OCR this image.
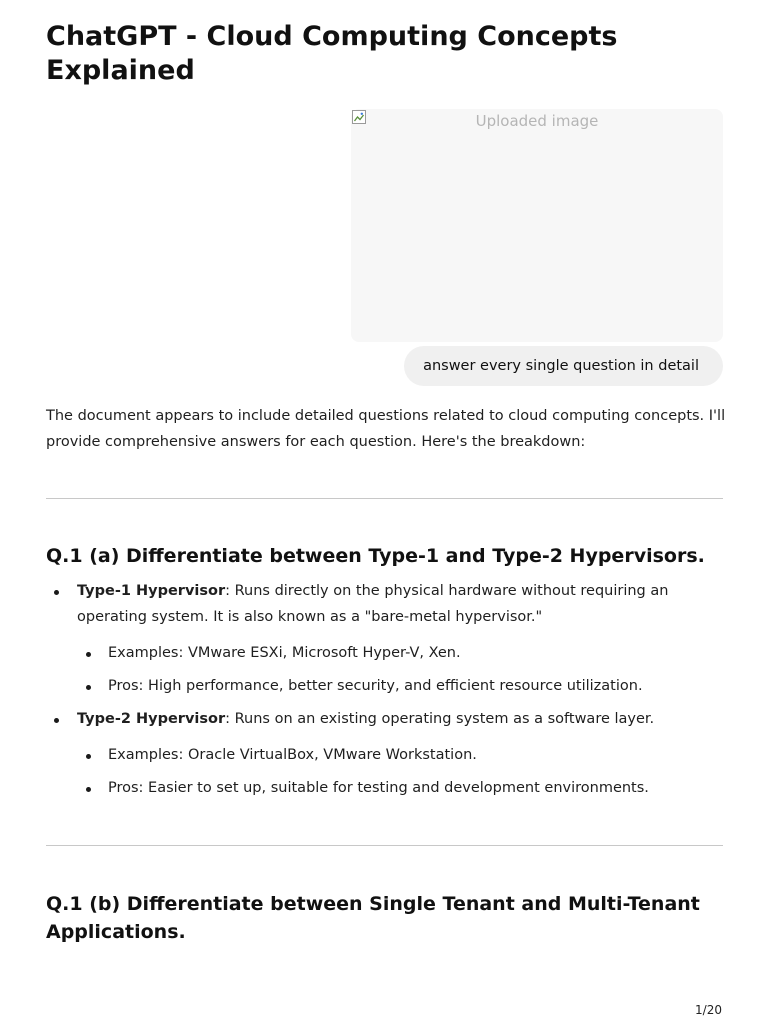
ChatGPT - Cloud Computing Concepts Explained
Uploaded image
answer every single question in detail

The document appears to include detailed questions related to cloud computing concepts. I'll provide comprehensive answers for each question. Here's the breakdown:

Q.1 (a) Differentiate between Type-1 and Type-2 Hypervisors.

Type-1 Hypervisor: Runs directly on the physical hardware without requiring an operating system. It is also known as a "bare-metal hypervisor."

Examples: VMware ESXi, Microsoft Hyper-V, Xen.

Pros: High performance, better security, and efficient resource utilization.

Type-2 Hypervisor: Runs on an existing operating system as a software layer.

Examples: Oracle VirtualBox, VMware Workstation.

Pros: Easier to set up, suitable for testing and development environments.

Q.1 (b) Differentiate between Single Tenant and Multi-Tenant Applications.
1/20
